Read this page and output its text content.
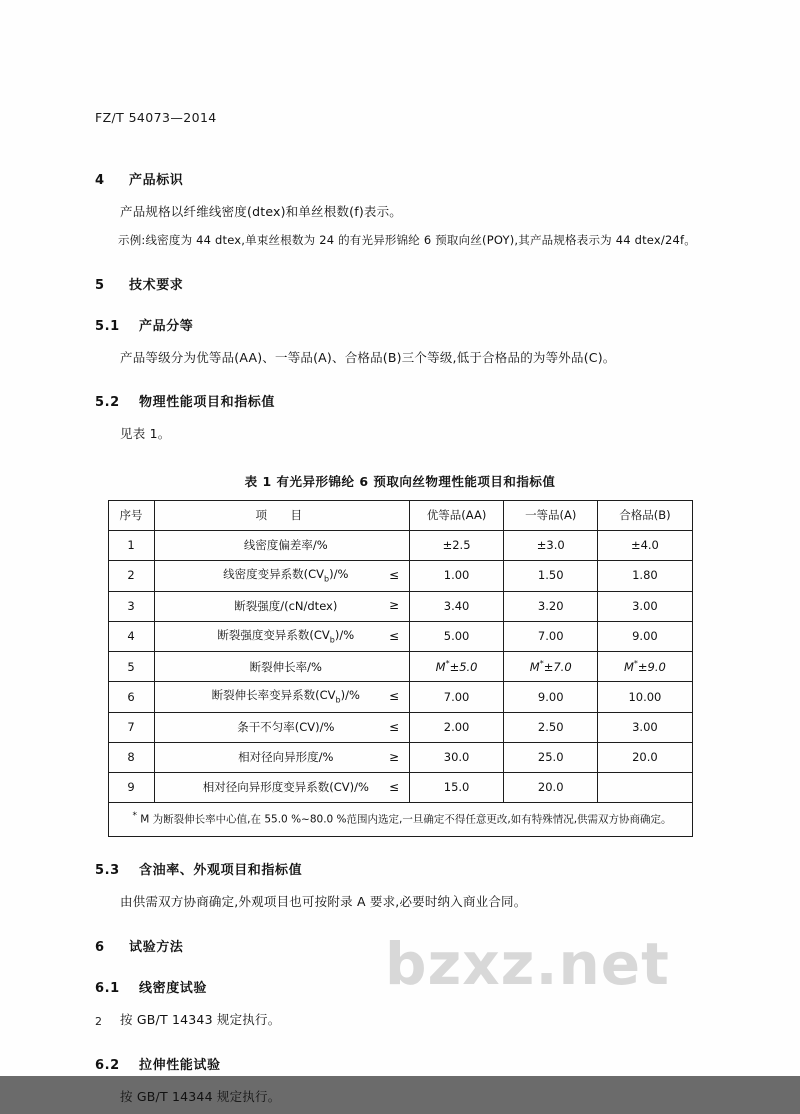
FZ/T 54073—2014
4 产品标识
产品规格以纤维线密度(dtex)和单丝根数(f)表示。
示例:线密度为 44 dtex,单束丝根数为 24 的有光异形锦纶 6 预取向丝(POY),其产品规格表示为 44 dtex/24f。
5 技术要求
5.1 产品分等
产品等级分为优等品(AA)、一等品(A)、合格品(B)三个等级,低于合格品的为等外品(C)。
5.2 物理性能项目和指标值
见表 1。
表 1 有光异形锦纶 6 预取向丝物理性能项目和指标值
序号	项　目	优等品(AA)	一等品(A)	合格品(B)
1	线密度偏差率/%	±2.5	±3.0	±4.0
2	线密度变异系数$(CV_b)/\%$ ≤	1.00	1.50	1.80
3	断裂强度/(cN/dtex) ≥	3.40	3.20	3.00
4	断裂强度变异系数$(CV_b)/\%$ ≤	5.00	7.00	9.00
5	断裂伸长率/%	M*±5.0	M*±7.0	M*±9.0
6	断裂伸长率变异系数$(CV_b)/\%$ ≤	7.00	9.00	10.00
7	条干不匀率(CV)/% ≤	2.00	2.50	3.00
8	相对径向异形度/% ≥	30.0	25.0	20.0
9	相对径向异形度变异系数(CV)/% ≤	15.0	20.0	
* M 为断裂伸长率中心值,在 55.0 %~80.0 %范围内选定,一旦确定不得任意更改,如有特殊情况,供需双方协商确定。				
5.3 含油率、外观项目和指标值
由供需双方协商确定,外观项目也可按附录 A 要求,必要时纳入商业合同。
6 试验方法
6.1 线密度试验
按 GB/T 14343 规定执行。
6.2 拉伸性能试验
按 GB/T 14344 规定执行。
2
bzxz.net
